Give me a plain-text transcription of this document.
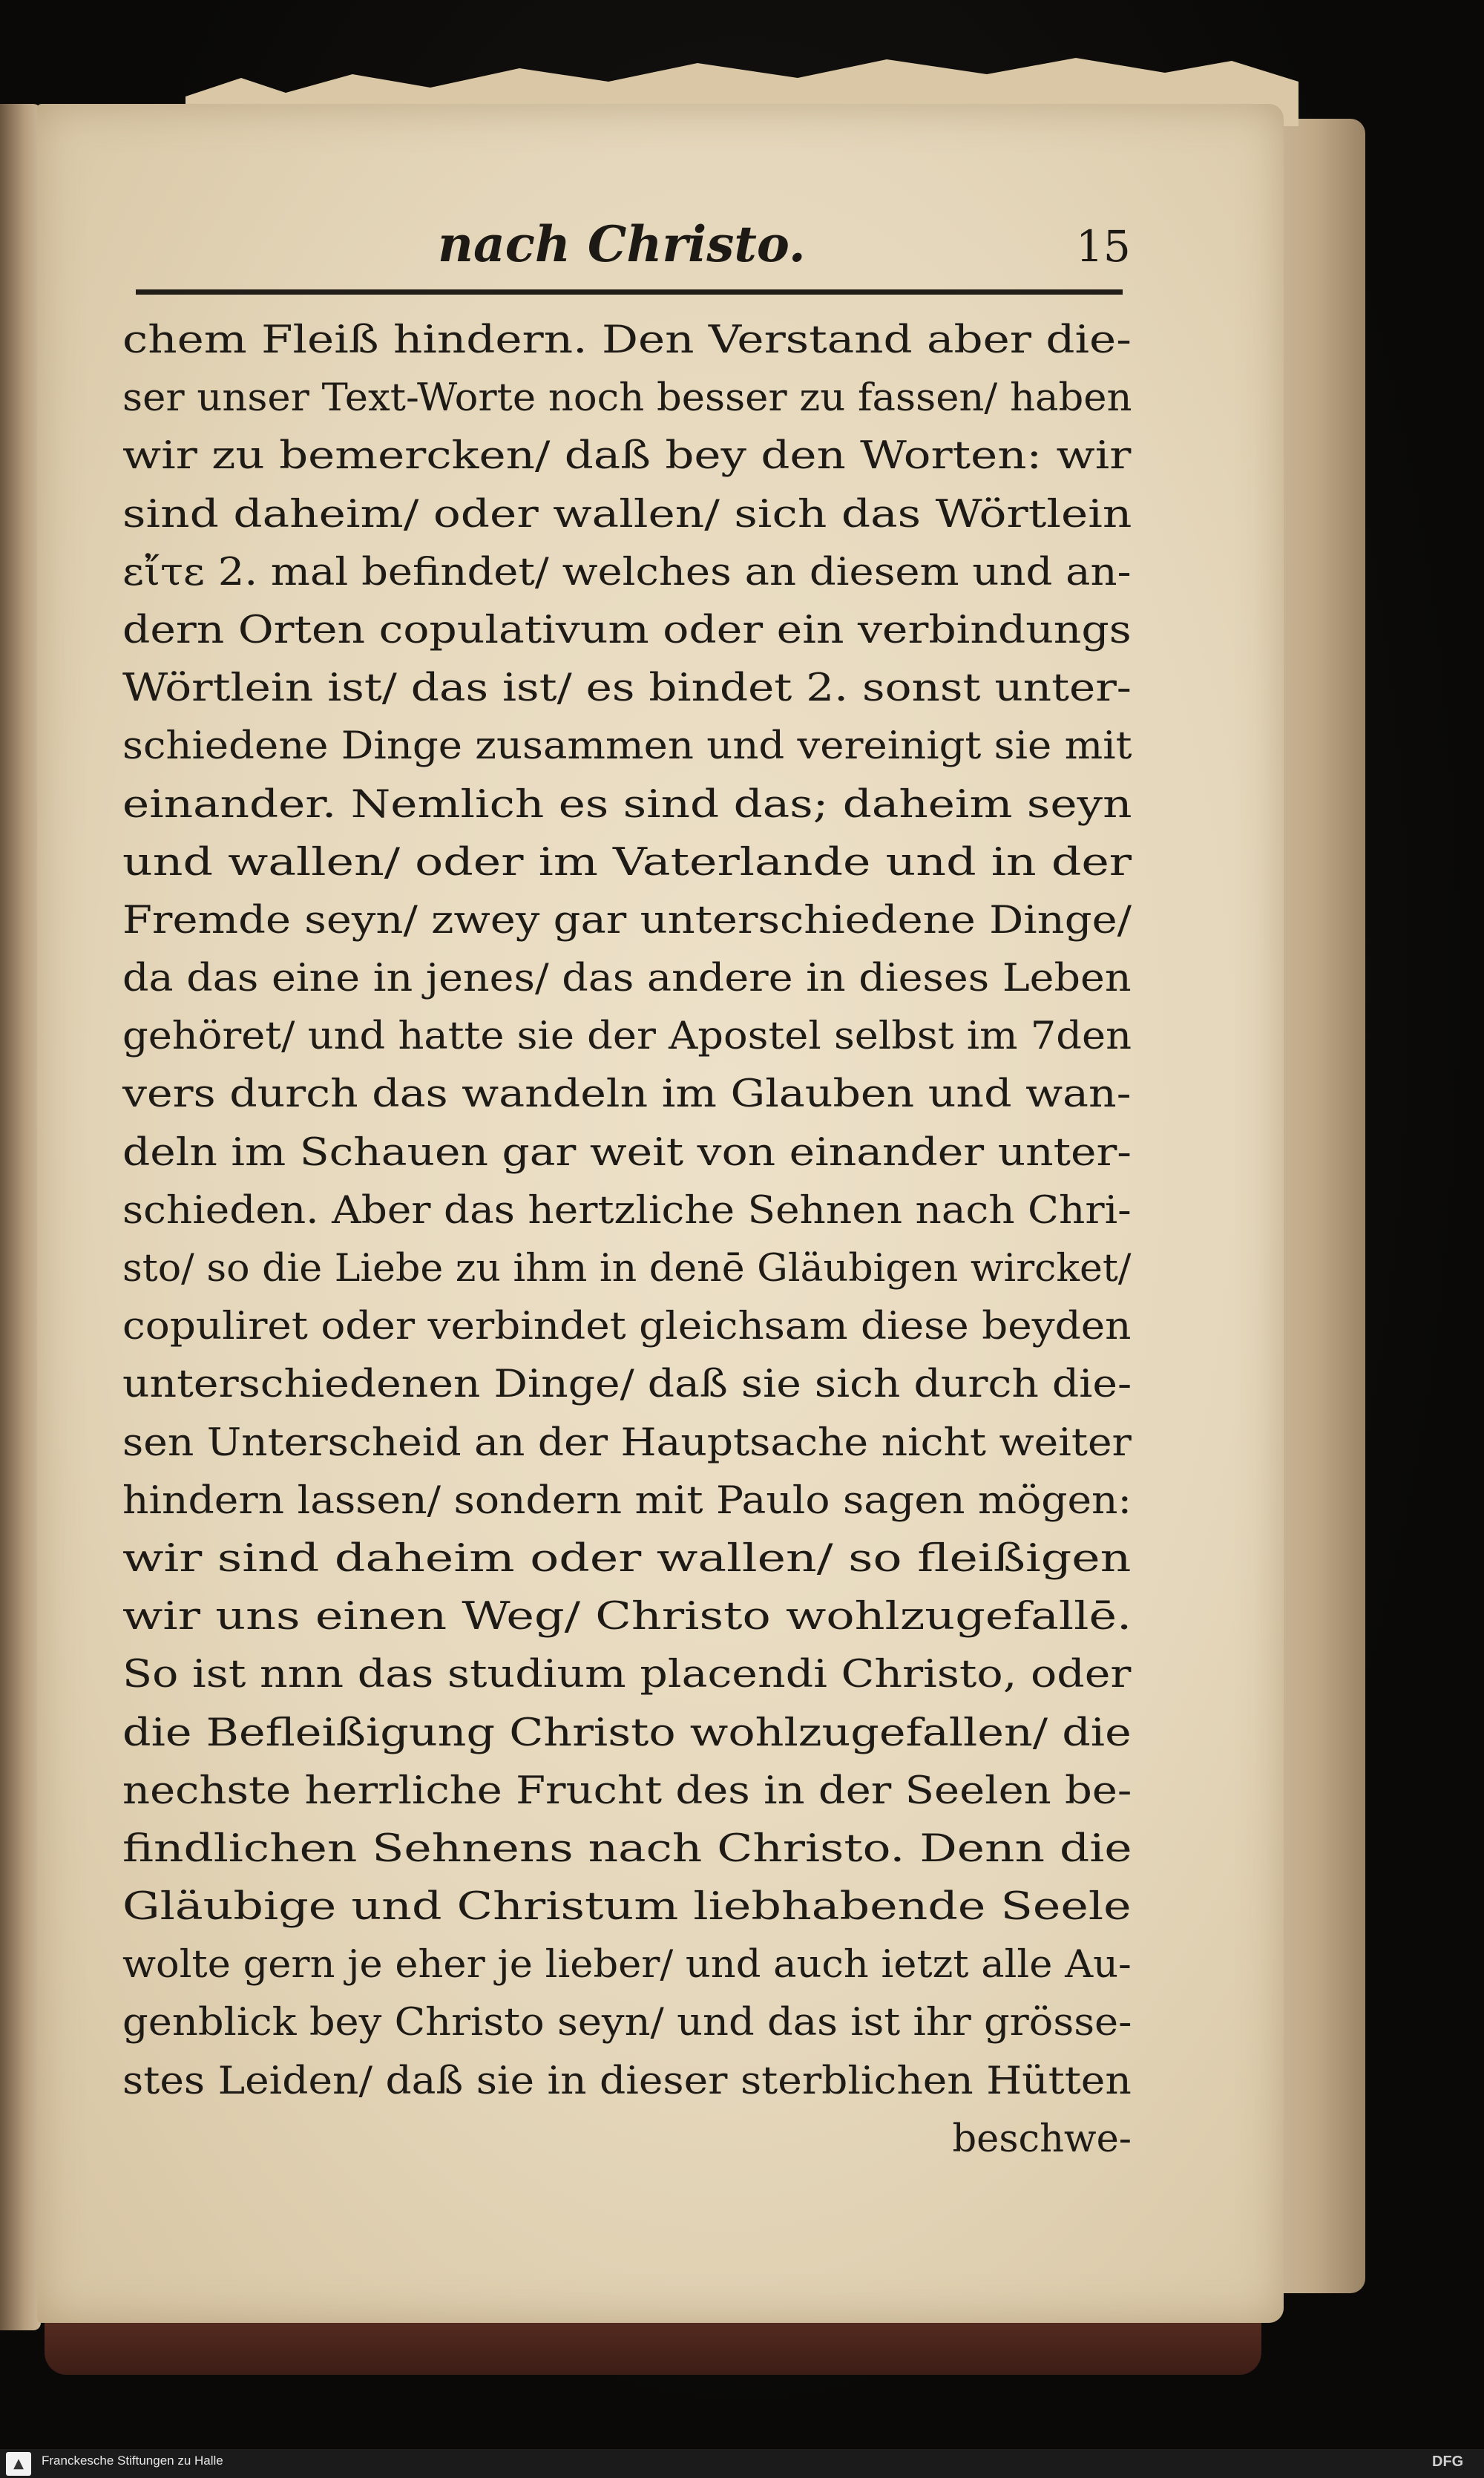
nach Christo.	15
chem Fleiß hindern. Den Verstand aber die-
ser unser Text-Worte noch besser zu fassen/ haben
wir zu bemercken/ daß bey den Worten: wir
sind daheim/ oder wallen/ sich das Wörtlein
εἴτε 2. mal befindet/ welches an diesem und an-
dern Orten copulativum oder ein verbindungs
Wörtlein ist/ das ist/ es bindet 2. sonst unter-
schiedene Dinge zusammen und vereinigt sie mit
einander. Nemlich es sind das; daheim seyn
und wallen/ oder im Vaterlande und in der
Fremde seyn/ zwey gar unterschiedene Dinge/
da das eine in jenes/ das andere in dieses Leben
gehöret/ und hatte sie der Apostel selbst im 7den
vers durch das wandeln im Glauben und wan-
deln im Schauen gar weit von einander unter-
schieden. Aber das hertzliche Sehnen nach Chri-
sto/ so die Liebe zu ihm in denē Gläubigen wircket/
copuliret oder verbindet gleichsam diese beyden
unterschiedenen Dinge/ daß sie sich durch die-
sen Unterscheid an der Hauptsache nicht weiter
hindern lassen/ sondern mit Paulo sagen mögen:
wir sind daheim oder wallen/ so fleißigen
wir uns einen Weg/ Christo wohlzugefallē.
So ist nnn das studium placendi Christo, oder
die Befleißigung Christo wohlzugefallen/ die
nechste herrliche Frucht des in der Seelen be-
findlichen Sehnens nach Christo. Denn die
Gläubige und Christum liebhabende Seele
wolte gern je eher je lieber/ und auch ietzt alle Au-
genblick bey Christo seyn/ und das ist ihr grösse-
stes Leiden/ daß sie in dieser sterblichen Hütten
beschwe-
▲ Franckesche Stiftungen zu Halle	DFG
